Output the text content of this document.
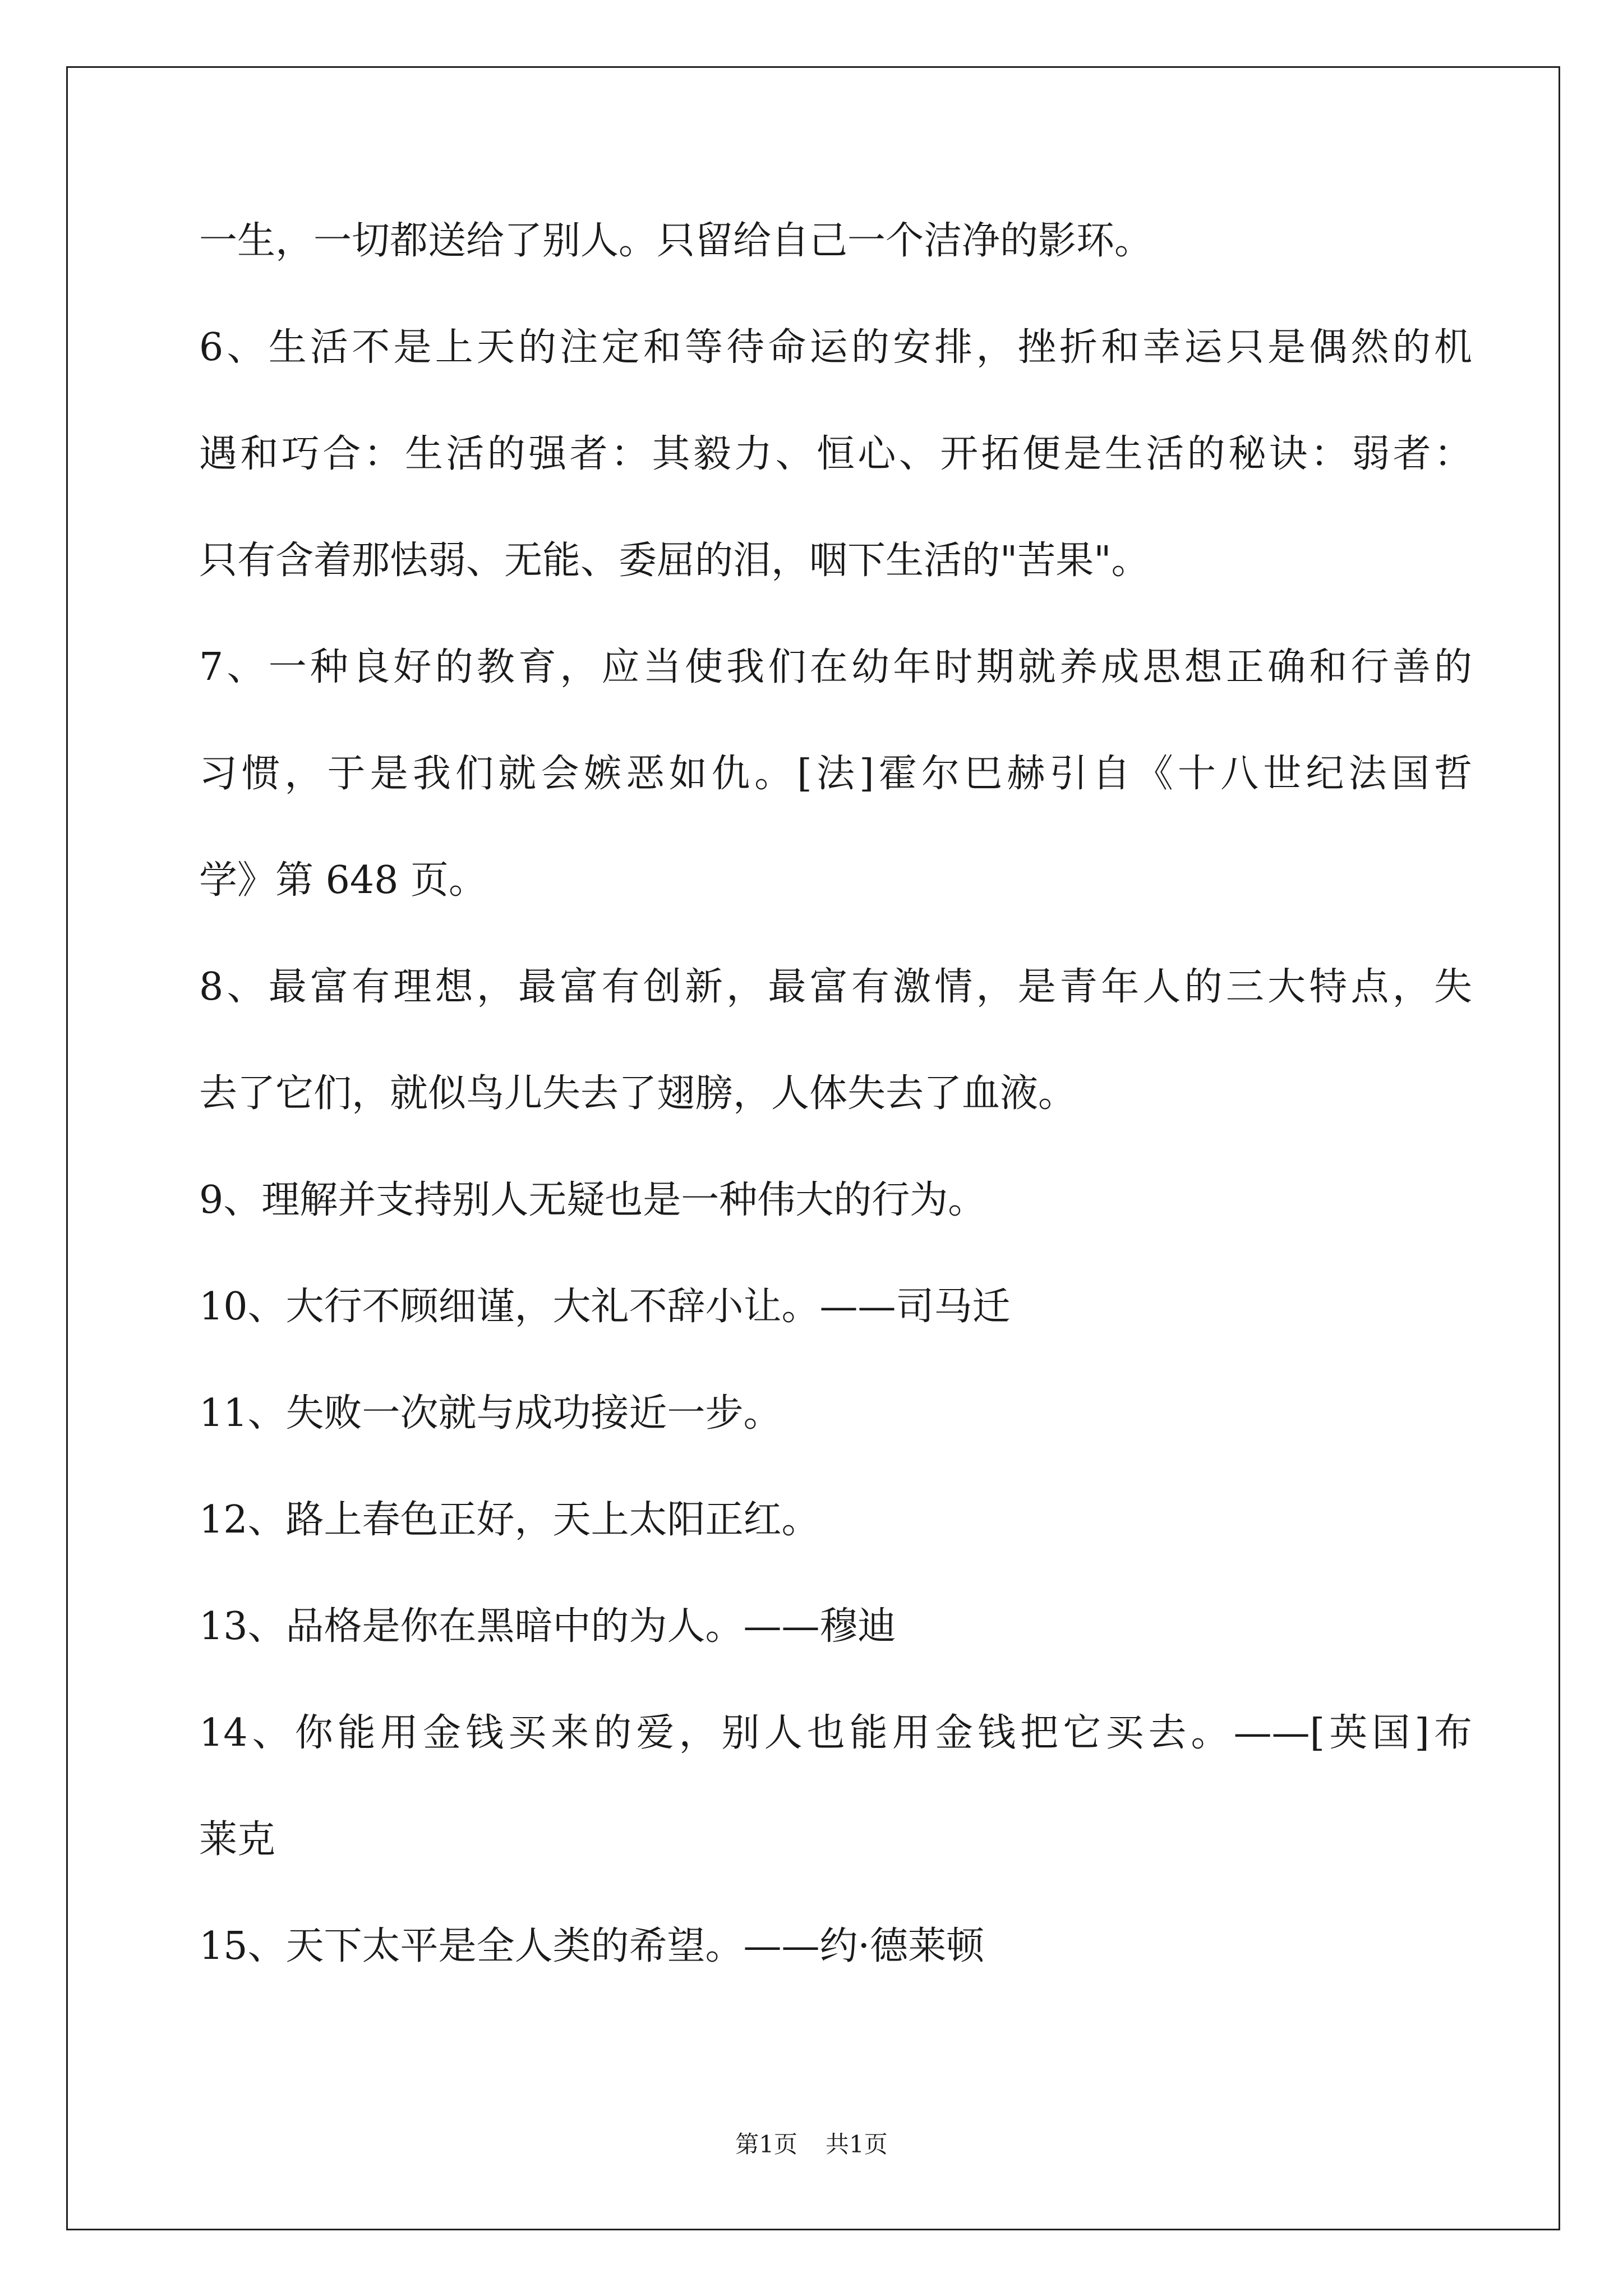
一生，一切都送给了别人。只留给自己一个洁净的影环。
6、生活不是上天的注定和等待命运的安排，挫折和幸运只是偶然的机
遇和巧合：生活的强者：其毅力、恒心、开拓便是生活的秘诀：弱者：
只有含着那怯弱、无能、委屈的泪，咽下生活的"苦果"。
7、一种良好的教育，应当使我们在幼年时期就养成思想正确和行善的
习惯，于是我们就会嫉恶如仇。[法]霍尔巴赫引自《十八世纪法国哲
学》第 648 页。
8、最富有理想，最富有创新，最富有激情，是青年人的三大特点，失
去了它们，就似鸟儿失去了翅膀，人体失去了血液。
9、理解并支持别人无疑也是一种伟大的行为。
10、大行不顾细谨，大礼不辞小让。——司马迁
11、失败一次就与成功接近一步。
12、路上春色正好，天上太阳正红。
13、品格是你在黑暗中的为人。——穆迪
14、你能用金钱买来的爱，别人也能用金钱把它买去。——[英国]布
莱克
15、天下太平是全人类的希望。——约·德莱顿
第1页 共1页
